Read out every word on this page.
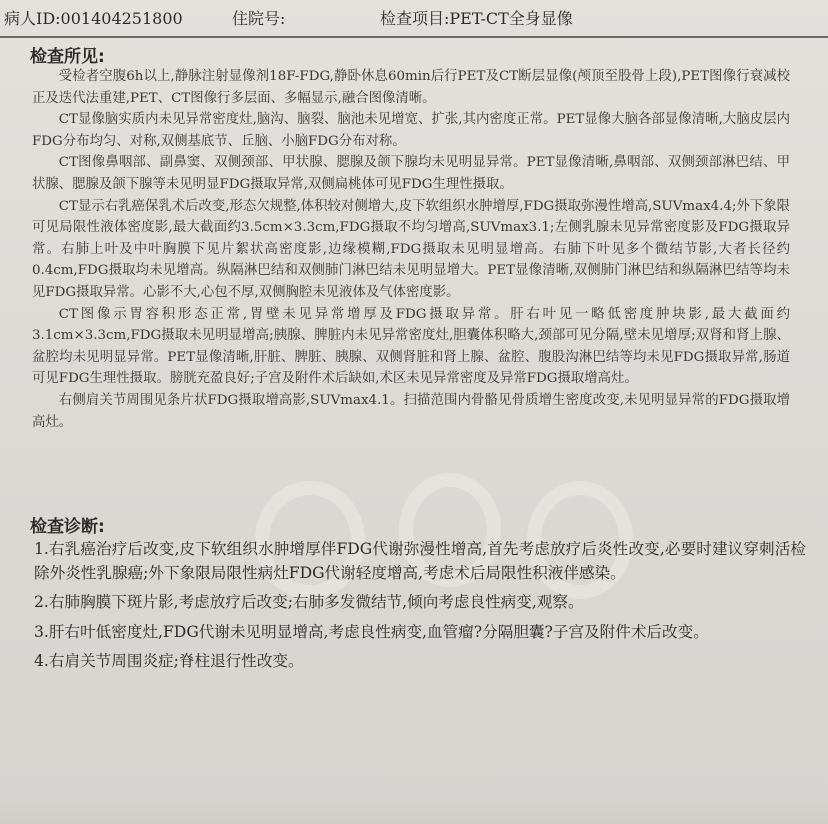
病人ID:001404251800	住院号:	检查项目:PET-CT全身显像
检查所见:

受检者空腹6h以上,静脉注射显像剂18F-FDG,静卧休息60min后行PET及CT断层显像(颅顶至股骨上段),PET图像行衰减校正及迭代法重建,PET、CT图像行多层面、多幅显示,融合图像清晰。

CT显像脑实质内未见异常密度灶,脑沟、脑裂、脑池未见增宽、扩张,其内密度正常。PET显像大脑各部显像清晰,大脑皮层内FDG分布均匀、对称,双侧基底节、丘脑、小脑FDG分布对称。

CT图像鼻咽部、副鼻窦、双侧颈部、甲状腺、腮腺及颌下腺均未见明显异常。PET显像清晰,鼻咽部、双侧颈部淋巴结、甲状腺、腮腺及颌下腺等未见明显FDG摄取异常,双侧扁桃体可见FDG生理性摄取。

CT显示右乳癌保乳术后改变,形态欠规整,体积较对侧增大,皮下软组织水肿增厚,FDG摄取弥漫性增高,SUVmax4.4;外下象限可见局限性液体密度影,最大截面约3.5cm×3.3cm,FDG摄取不均匀增高,SUVmax3.1;左侧乳腺未见异常密度影及FDG摄取异常。右肺上叶及中叶胸膜下见片絮状高密度影,边缘模糊,FDG摄取未见明显增高。右肺下叶见多个微结节影,大者长径约0.4cm,FDG摄取均未见增高。纵隔淋巴结和双侧肺门淋巴结未见明显增大。PET显像清晰,双侧肺门淋巴结和纵隔淋巴结等均未见FDG摄取异常。心影不大,心包不厚,双侧胸腔未见液体及气体密度影。

CT图像示胃容积形态正常,胃壁未见异常增厚及FDG摄取异常。肝右叶见一略低密度肿块影,最大截面约3.1cm×3.3cm,FDG摄取未见明显增高;胰腺、脾脏内未见异常密度灶,胆囊体积略大,颈部可见分隔,壁未见增厚;双肾和肾上腺、盆腔均未见明显异常。PET显像清晰,肝脏、脾脏、胰腺、双侧肾脏和肾上腺、盆腔、腹股沟淋巴结等均未见FDG摄取异常,肠道可见FDG生理性摄取。膀胱充盈良好;子宫及附件术后缺如,术区未见异常密度及异常FDG摄取增高灶。

右侧肩关节周围见条片状FDG摄取增高影,SUVmax4.1。扫描范围内骨骼见骨质增生密度改变,未见明显异常的FDG摄取增高灶。

检查诊断:

1.右乳癌治疗后改变,皮下软组织水肿增厚伴FDG代谢弥漫性增高,首先考虑放疗后炎性改变,必要时建议穿刺活检除外炎性乳腺癌;外下象限局限性病灶FDG代谢轻度增高,考虑术后局限性积液伴感染。

2.右肺胸膜下斑片影,考虑放疗后改变;右肺多发微结节,倾向考虑良性病变,观察。

3.肝右叶低密度灶,FDG代谢未见明显增高,考虑良性病变,血管瘤?分隔胆囊?子宫及附件术后改变。

4.右肩关节周围炎症;脊柱退行性改变。
